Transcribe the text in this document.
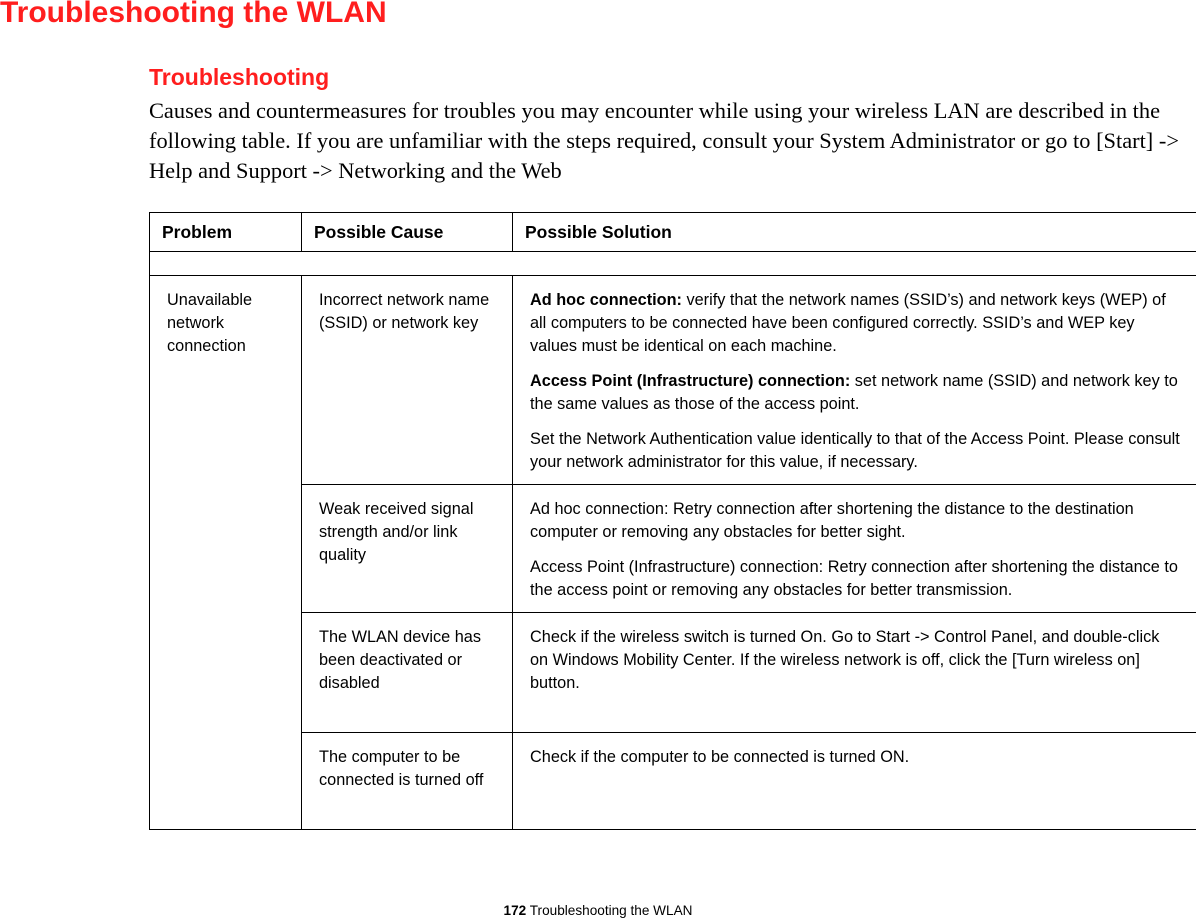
Troubleshooting the WLAN
Troubleshooting

Causes and countermeasures for troubles you may encounter while using your wireless LAN are described in the following table. If you are unfamiliar with the steps required, consult your System Administrator or go to [Start] -> Help and Support -> Networking and the Web

Problem	Possible Cause	Possible Solution

Unavailable network connection	Incorrect network name (SSID) or network key	Ad hoc connection: verify that the network names (SSID’s) and network keys (WEP) of all computers to be connected have been configured correctly. SSID’s and WEP key values must be identical on each machine.

Access Point (Infrastructure) connection: set network name (SSID) and network key to the same values as those of the access point.

Set the Network Authentication value identically to that of the Access Point. Please consult your network administrator for this value, if necessary.

	Weak received signal strength and/or link quality	Ad hoc connection: Retry connection after shortening the distance to the destination computer or removing any obstacles for better sight.

Access Point (Infrastructure) connection: Retry connection after shortening the distance to the access point or removing any obstacles for better transmission.

	The WLAN device has been deactivated or disabled	Check if the wireless switch is turned On. Go to Start -> Control Panel, and double-click on Windows Mobility Center. If the wireless network is off, click the [Turn wireless on] button.

	The computer to be connected is turned off	Check if the computer to be connected is turned ON.

172 Troubleshooting the WLAN
